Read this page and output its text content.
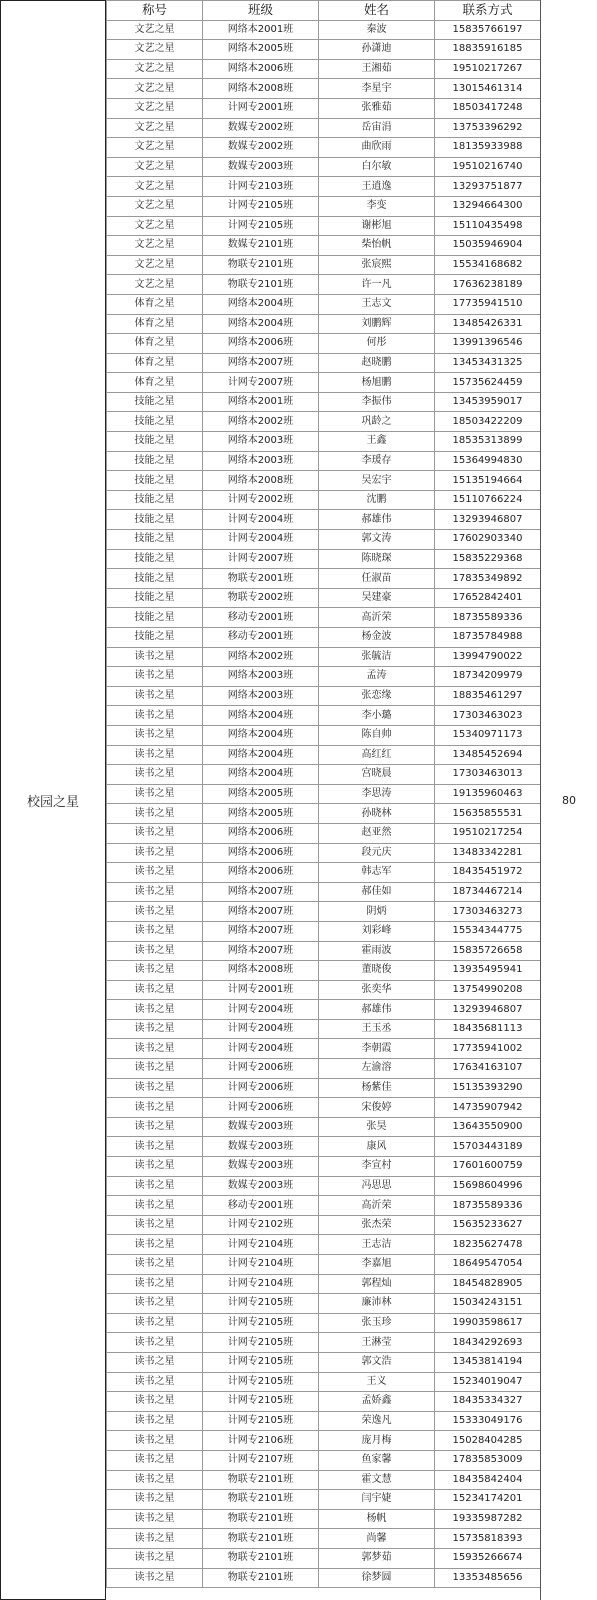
校园之星
称号	班级	姓名	联系方式
文艺之星	网络本2001班	秦波	15835766197
文艺之星	网络本2005班	孙潇迪	18835916185
文艺之星	网络本2006班	王湘茹	19510217267
文艺之星	网络本2008班	李星宇	13015461314
文艺之星	计网专2001班	张雅茹	18503417248
文艺之星	数媒专2002班	岳宙涓	13753396292
文艺之星	数媒专2002班	曲欣雨	18135933988
文艺之星	数媒专2003班	白尔敏	19510216740
文艺之星	计网专2103班	王逍逸	13293751877
文艺之星	计网专2105班	李变	13294664300
文艺之星	计网专2105班	谢彬旭	15110435498
文艺之星	数媒专2101班	柴怡帆	15035946904
文艺之星	物联专2101班	张宸熙	15534168682
文艺之星	物联专2101班	许一凡	17636238189
体育之星	网络本2004班	王志文	17735941510
体育之星	网络本2004班	刘鹏辉	13485426331
体育之星	网络本2006班	何彤	13991396546
体育之星	网络本2007班	赵晓鹏	13453431325
体育之星	计网专2007班	杨旭鹏	15735624459
技能之星	网络本2001班	李振伟	13453959017
技能之星	网络本2002班	巩龄之	18503422209
技能之星	网络本2003班	王鑫	18535313899
技能之星	网络本2003班	李瑗存	15364994830
技能之星	网络本2008班	吴宏宇	15135194664
技能之星	计网专2002班	沈鹏	15110766224
技能之星	计网专2004班	郝雄伟	13293946807
技能之星	计网专2004班	郭文涛	17602903340
技能之星	计网专2007班	陈晓琛	15835229368
技能之星	物联专2001班	任淑苗	17835349892
技能之星	物联专2002班	吴建豪	17652842401
技能之星	移动专2001班	高沂荣	18735589336
技能之星	移动专2001班	杨金波	18735784988
读书之星	网络本2002班	张毓洁	13994790022
读书之星	网络本2003班	孟涛	18734209979
读书之星	网络本2003班	张恋缘	18835461297
读书之星	网络本2004班	李小璐	17303463023
读书之星	网络本2004班	陈自帅	15340971173
读书之星	网络本2004班	高红红	13485452694
读书之星	网络本2004班	宫晓晨	17303463013
读书之星	网络本2005班	李思涛	19135960463
读书之星	网络本2005班	孙晓林	15635855531
读书之星	网络本2006班	赵亚然	19510217254
读书之星	网络本2006班	段元庆	13483342281
读书之星	网络本2006班	韩志军	18435451972
读书之星	网络本2007班	郝佳如	18734467214
读书之星	网络本2007班	阴炳	17303463273
读书之星	网络本2007班	刘彩峰	15534344775
读书之星	网络本2007班	霍雨波	15835726658
读书之星	网络本2008班	董晓俊	13935495941
读书之星	计网专2001班	张奕华	13754990208
读书之星	计网专2004班	郝雄伟	13293946807
读书之星	计网专2004班	王玉丞	18435681113
读书之星	计网专2004班	李朝霞	17735941002
读书之星	计网专2006班	左渝溶	17634163107
读书之星	计网专2006班	杨紫佳	15135393290
读书之星	计网专2006班	宋俊婷	14735907942
读书之星	数媒专2003班	张昊	13643550900
读书之星	数媒专2003班	康风	15703443189
读书之星	数媒专2003班	李宣村	17601600759
读书之星	数媒专2003班	冯思思	15698604996
读书之星	移动专2001班	高沂荣	18735589336
读书之星	计网专2102班	张杰荣	15635233627
读书之星	计网专2104班	王志洁	18235627478
读书之星	计网专2104班	李嘉旭	18649547054
读书之星	计网专2104班	郭程灿	18454828905
读书之星	计网专2105班	廉沛林	15034243151
读书之星	计网专2105班	张玉珍	19903598617
读书之星	计网专2105班	王淋莹	18434292693
读书之星	计网专2105班	郭文浩	13453814194
读书之星	计网专2105班	王义	15234019047
读书之星	计网专2105班	孟娇鑫	18435334327
读书之星	计网专2105班	荣逸凡	15333049176
读书之星	计网专2106班	庞月梅	15028404285
读书之星	计网专2107班	鱼家馨	17835853009
读书之星	物联专2101班	霍文慧	18435842404
读书之星	物联专2101班	闫宇婕	15234174201
读书之星	物联专2101班	杨帆	19335987282
读书之星	物联专2101班	尚馨	15735818393
读书之星	物联专2101班	郭梦茹	15935266674
读书之星	物联专2101班	徐梦圆	13353485656
80
